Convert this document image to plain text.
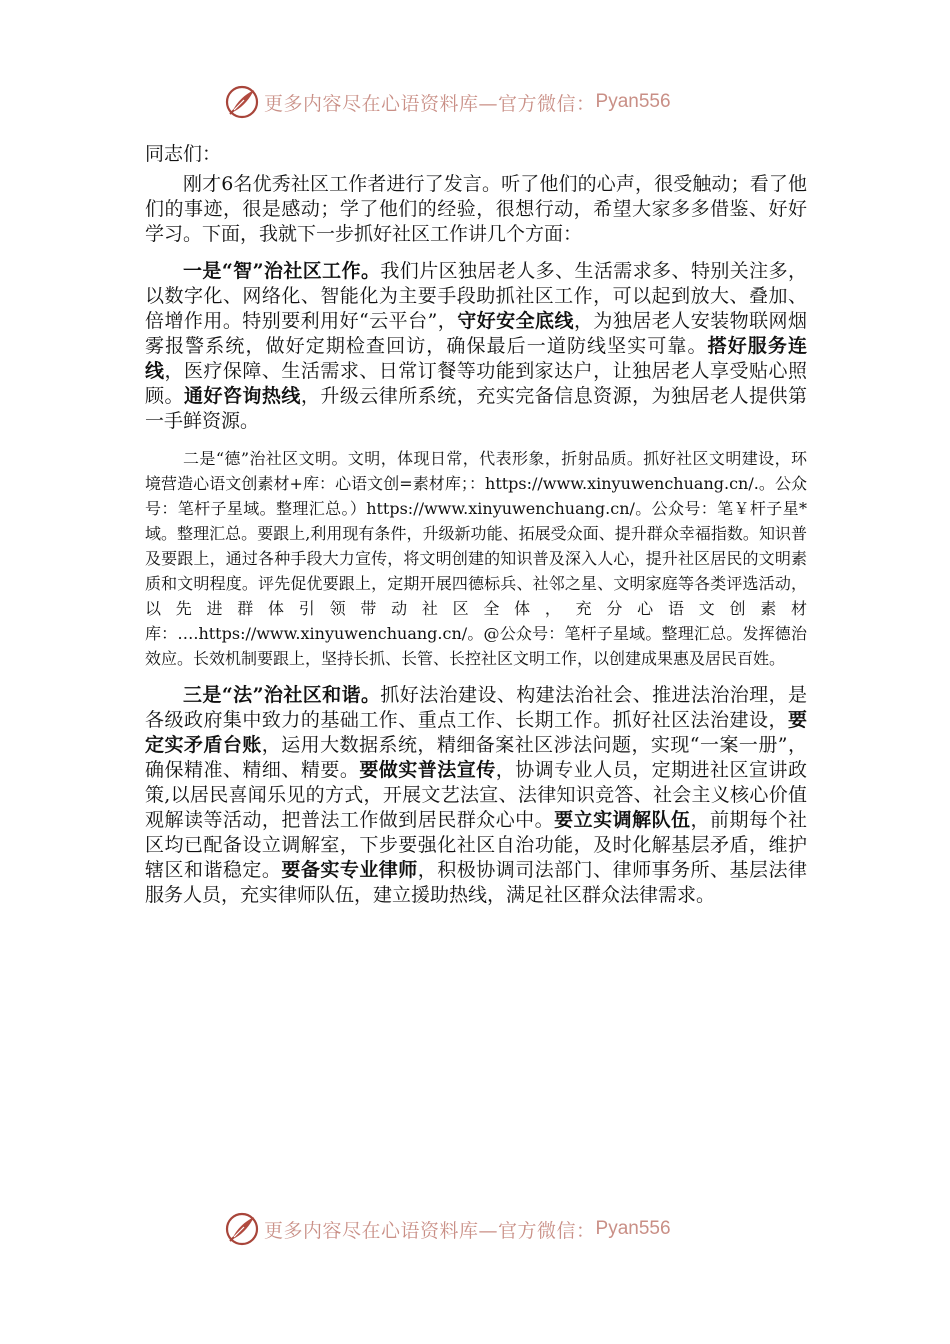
更多内容尽在心语资料库—官方微信： Pyan556

同志们：

刚才6名优秀社区工作者进行了发言。听了他们的心声，很受触动；看了他们的事迹，很是感动；学了他们的经验，很想行动，希望大家多多借鉴、好好学习。下面，我就下一步抓好社区工作讲几个方面：

一是“智”治社区工作。我们片区独居老人多、生活需求多、特别关注多，以数字化、网络化、智能化为主要手段助抓社区工作，可以起到放大、叠加、倍增作用。特别要利用好“云平台”，守好安全底线，为独居老人安装物联网烟雾报警系统，做好定期检查回访，确保最后一道防线坚实可靠。搭好服务连线，医疗保障、生活需求、日常订餐等功能到家达户，让独居老人享受贴心照顾。通好咨询热线，升级云律所系统，充实完备信息资源，为独居老人提供第一手鲜资源。

二是“德”治社区文明。文明，体现日常，代表形象，折射品质。抓好社区文明建设，环境营造心语文创素材+库：心语文创=素材库；：https://www.xinyuwenchuang.cn/.。公众号：笔杆子星域。整理汇总。）https://www.xinyuwenchuang.cn/。公众号：笔￥杆子星*域。整理汇总。要跟上,利用现有条件，升级新功能、拓展受众面、提升群众幸福指数。知识普及要跟上，通过各种手段大力宣传，将文明创建的知识普及深入人心，提升社区居民的文明素质和文明程度。评先促优要跟上，定期开展四德标兵、社邻之星、文明家庭等各类评选活动，以先进群体引领带动社区全体，充分心语文创素材库：….https://www.xinyuwenchuang.cn/。@公众号：笔杆子星域。整理汇总。发挥德治效应。长效机制要跟上，坚持长抓、长管、长控社区文明工作，以创建成果惠及居民百姓。

三是“法”治社区和谐。抓好法治建设、构建法治社会、推进法治治理，是各级政府集中致力的基础工作、重点工作、长期工作。抓好社区法治建设，要定实矛盾台账，运用大数据系统，精细备案社区涉法问题，实现“一案一册”，确保精准、精细、精要。要做实普法宣传，协调专业人员，定期进社区宣讲政策,以居民喜闻乐见的方式，开展文艺法宣、法律知识竞答、社会主义核心价值观解读等活动，把普法工作做到居民群众心中。要立实调解队伍，前期每个社区均已配备设立调解室，下步要强化社区自治功能，及时化解基层矛盾，维护辖区和谐稳定。要备实专业律师，积极协调司法部门、律师事务所、基层法律服务人员，充实律师队伍，建立援助热线，满足社区群众法律需求。

更多内容尽在心语资料库—官方微信： Pyan556
